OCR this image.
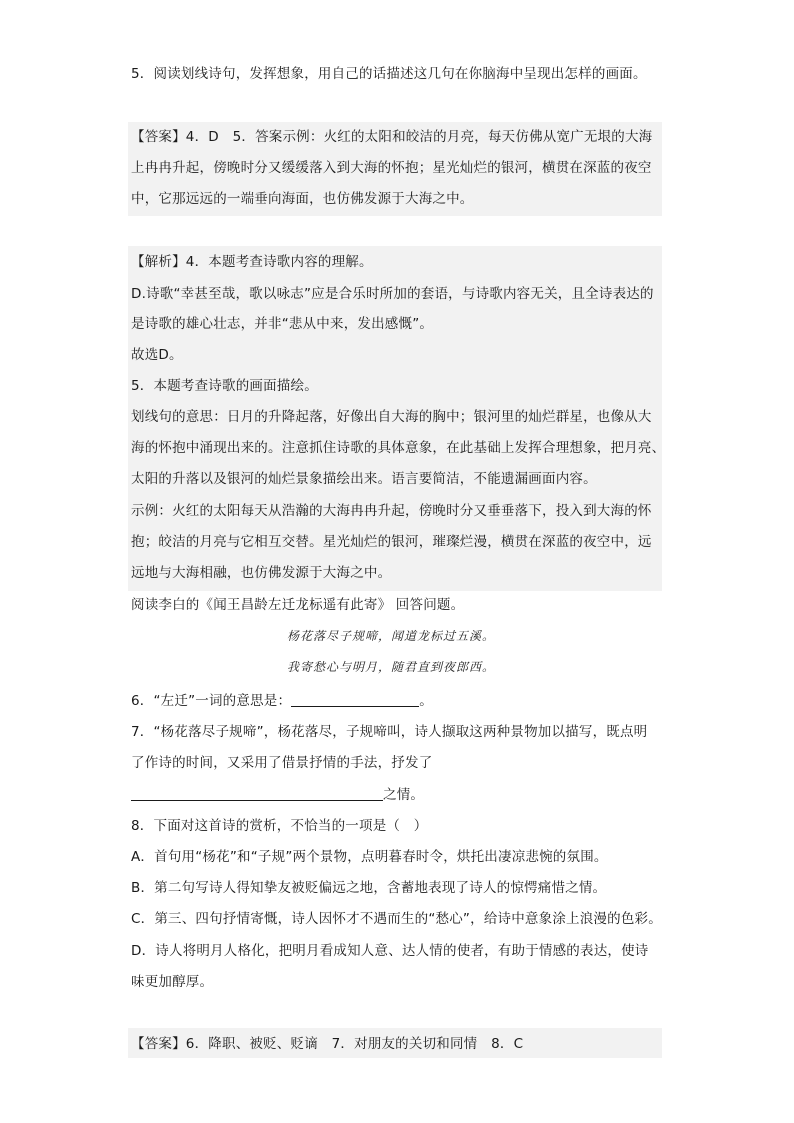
5．阅读划线诗句，发挥想象，用自己的话描述这几句在你脑海中呈现出怎样的画面。
【答案】4．D　5．答案示例：火红的太阳和皎洁的月亮，每天仿佛从宽广无垠的大海
上冉冉升起，傍晚时分又缓缓落入到大海的怀抱；星光灿烂的银河，横贯在深蓝的夜空
中，它那远远的一端垂向海面，也仿佛发源于大海之中。
【解析】4．本题考查诗歌内容的理解。
D.诗歌“幸甚至哉，歌以咏志”应是合乐时所加的套语，与诗歌内容无关，且全诗表达的
是诗歌的雄心壮志，并非“悲从中来，发出感慨”。
故选D。
5．本题考查诗歌的画面描绘。
划线句的意思：日月的升降起落，好像出自大海的胸中；银河里的灿烂群星，也像从大
海的怀抱中涌现出来的。注意抓住诗歌的具体意象，在此基础上发挥合理想象，把月亮、
太阳的升落以及银河的灿烂景象描绘出来。语言要简洁，不能遗漏画面内容。
示例：火红的太阳每天从浩瀚的大海冉冉升起，傍晚时分又垂垂落下，投入到大海的怀
抱；皎洁的月亮与它相互交替。星光灿烂的银河，璀璨烂漫，横贯在深蓝的夜空中，远
远地与大海相融，也仿佛发源于大海之中。
阅读李白的《闻王昌龄左迁龙标遥有此寄》 回答问题。
杨花落尽子规啼，闻道龙标过五溪。
我寄愁心与明月，随君直到夜郎西。
6．“左迁”一词的意思是：	。
7．“杨花落尽子规啼”，杨花落尽，子规啼叫，诗人撷取这两种景物加以描写，既点明
了作诗的时间，又采用了借景抒情的手法，抒发了
之情。
8．下面对这首诗的赏析，不恰当的一项是（　）
A．首句用“杨花”和“子规”两个景物，点明暮春时令，烘托出凄凉悲惋的氛围。
B．第二句写诗人得知挚友被贬偏远之地，含蓄地表现了诗人的惊愕痛惜之情。
C．第三、四句抒情寄慨，诗人因怀才不遇而生的“愁心”，给诗中意象涂上浪漫的色彩。
D．诗人将明月人格化，把明月看成知人意、达人情的使者，有助于情感的表达，使诗
味更加醇厚。
【答案】6．降职、被贬、贬谪　7．对朋友的关切和同情　8．C
